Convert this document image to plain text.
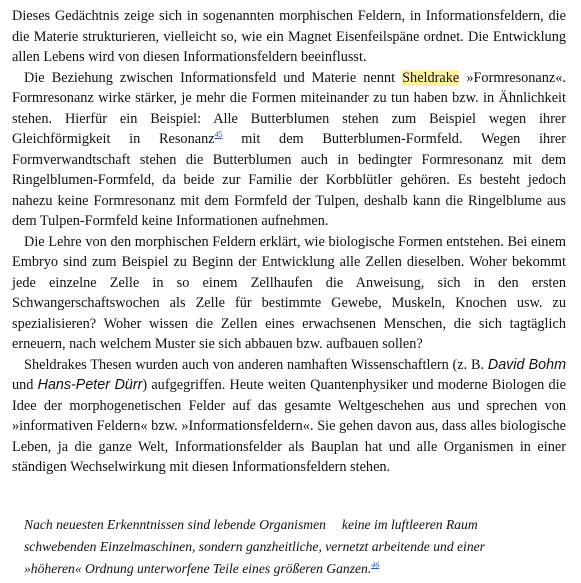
Dieses Gedächtnis zeige sich in sogenannten morphischen Feldern, in Informationsfeldern, die die Materie strukturieren, vielleicht so, wie ein Magnet Eisenfeilspäne ordnet. Die Entwicklung allen Lebens wird von diesen Informationsfeldern beeinflusst.

Die Beziehung zwischen Informationsfeld und Materie nennt Sheldrake »Formresonanz«. Formresonanz wirke stärker, je mehr die Formen miteinander zu tun haben bzw. in Ähnlichkeit stehen. Hierfür ein Beispiel: Alle Butterblumen stehen zum Beispiel wegen ihrer Gleichförmigkeit in Resonanz$^{45}$ mit dem Butterblumen-Formfeld. Wegen ihrer Formverwandtschaft stehen die Butterblumen auch in bedingter Formresonanz mit dem Ringelblumen-Formfeld, da beide zur Familie der Korbblütler gehören. Es besteht jedoch nahezu keine Formresonanz mit dem Formfeld der Tulpen, deshalb kann die Ringelblume aus dem Tulpen-Formfeld keine Informationen aufnehmen.

Die Lehre von den morphischen Feldern erklärt, wie biologische Formen entstehen. Bei einem Embryo sind zum Beispiel zu Beginn der Entwicklung alle Zellen dieselben. Woher bekommt jede einzelne Zelle in so einem Zellhaufen die Anweisung, sich in den ersten Schwangerschaftswochen als Zelle für bestimmte Gewebe, Muskeln, Knochen usw. zu spezialisieren? Woher wissen die Zellen eines erwachsenen Menschen, die sich tagtäglich erneuern, nach welchem Muster sie sich abbauen bzw. aufbauen sollen?

Sheldrakes Thesen wurden auch von anderen namhaften Wissenschaftlern (z. B. David Bohm und Hans-Peter Dürr) aufgegriffen. Heute weiten Quantenphysiker und moderne Biologen die Idee der morphogenetischen Felder auf das gesamte Weltgeschehen aus und sprechen von »informativen Feldern« bzw. »Informationsfeldern«. Sie gehen davon aus, dass alles biologische Leben, ja die ganze Welt, Informationsfelder als Bauplan hat und alle Organismen in einer ständigen Wechselwirkung mit diesen Informationsfeldern stehen.

Nach neuesten Erkenntnissen sind lebende Organismen keine im luftleeren Raum
schwebenden Einzelmaschinen, sondern ganzheitliche, vernetzt arbeitende und einer
»höheren« Ordnung unterworfene Teile eines größeren Ganzen.$^{46}$
